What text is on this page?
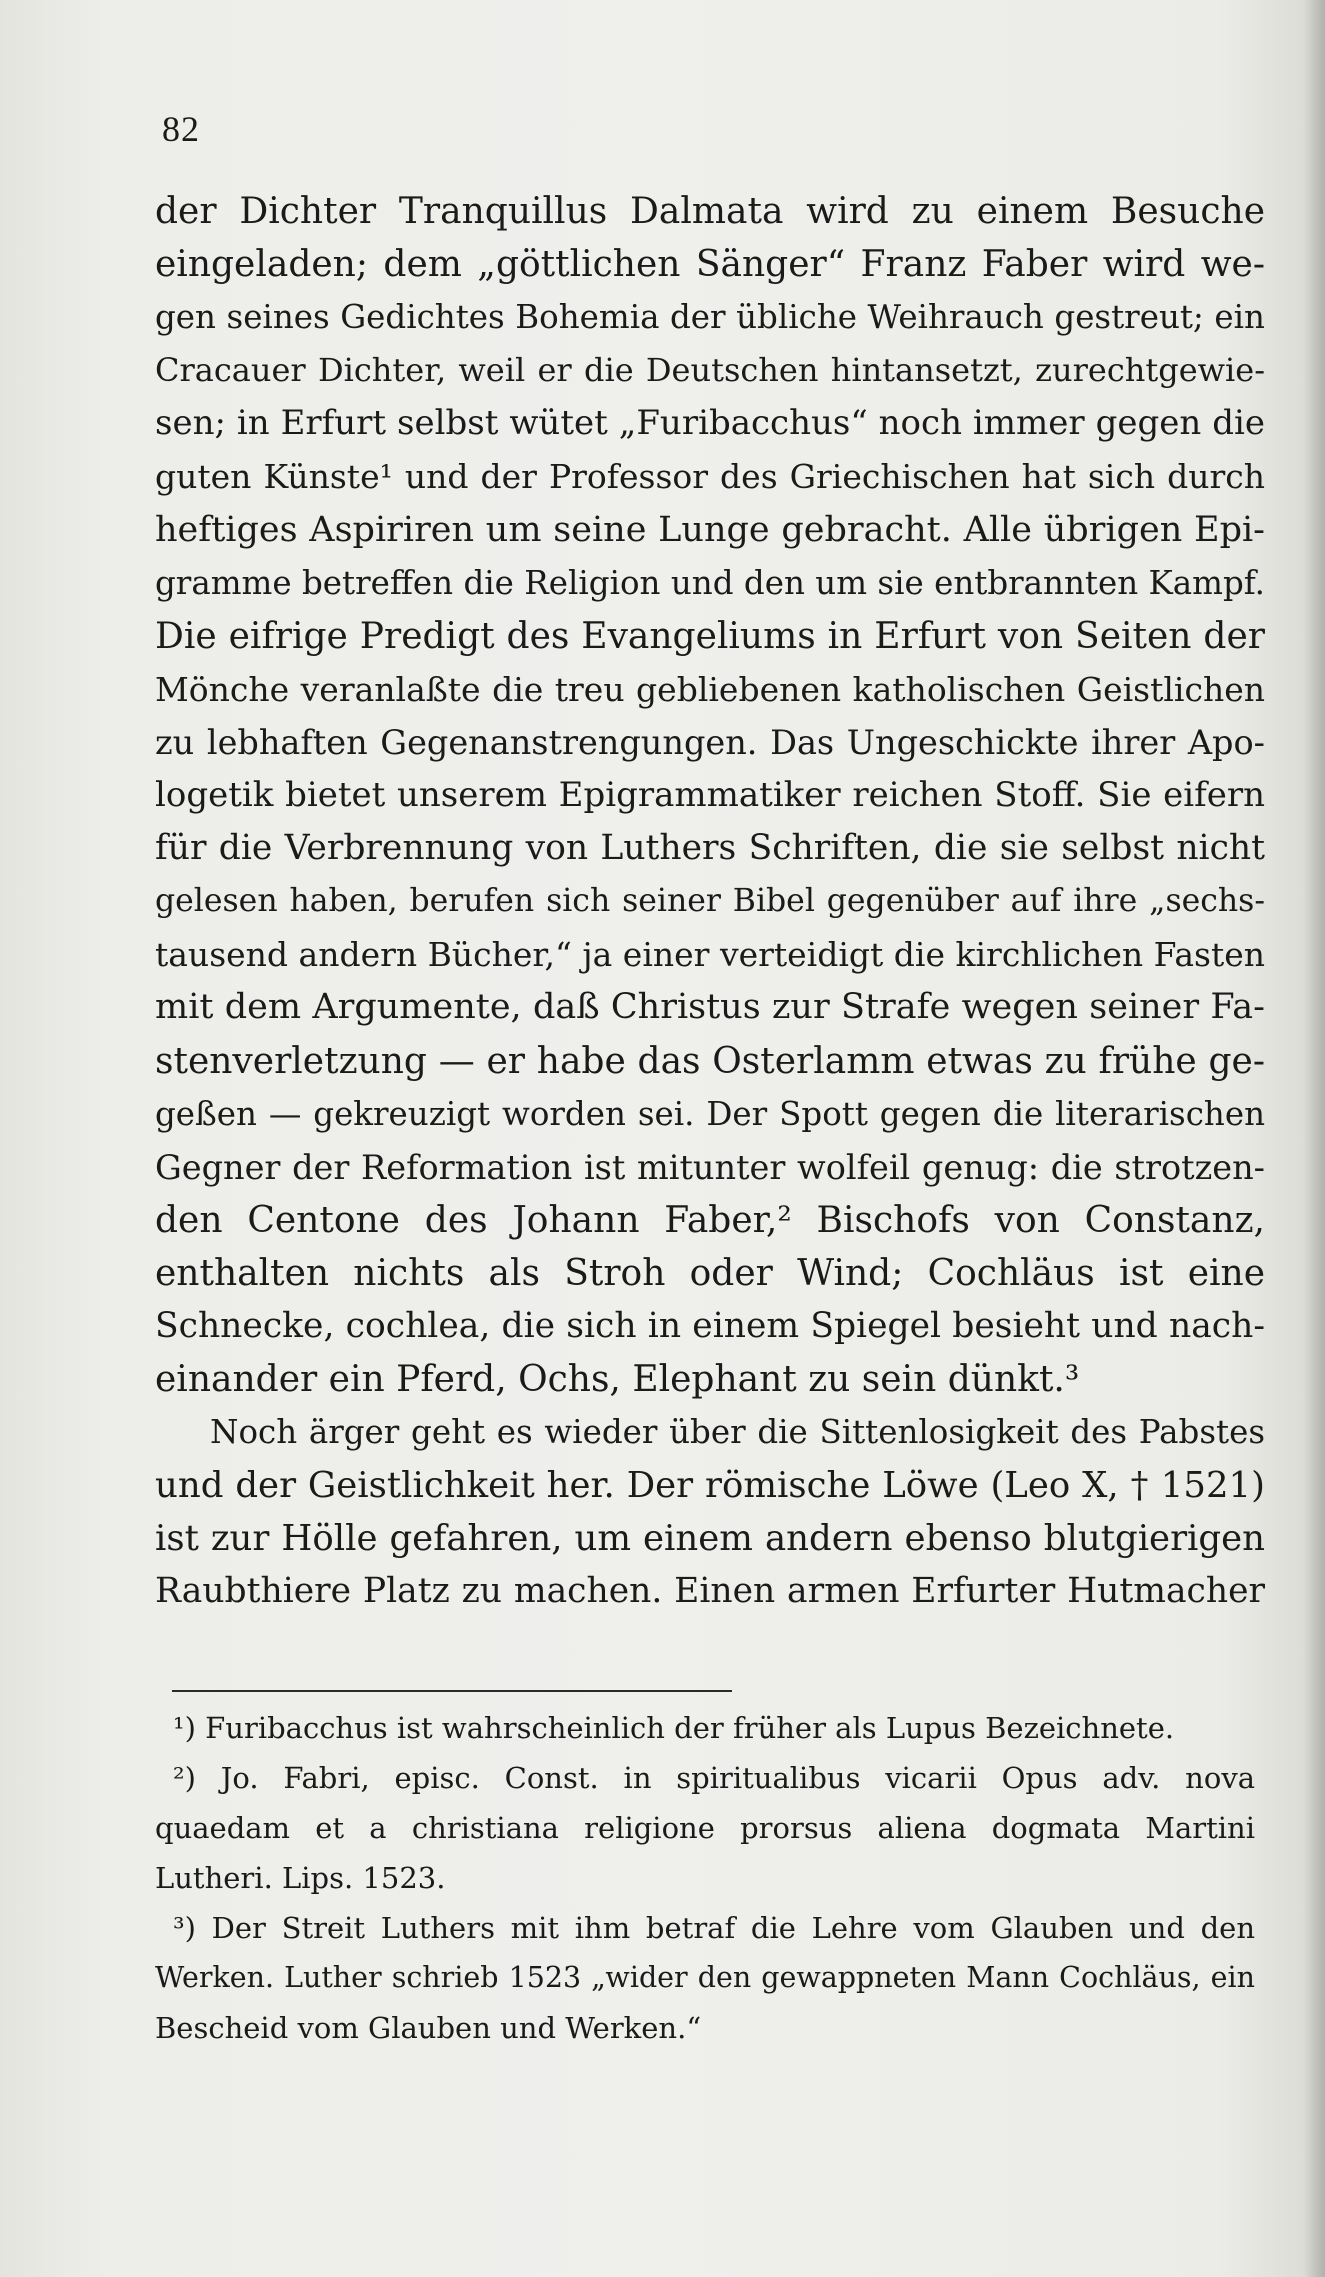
82
der Dichter Tranquillus Dalmata wird zu einem Besuche
eingeladen; dem „göttlichen Sänger“ Franz Faber wird we-
gen seines Gedichtes Bohemia der übliche Weihrauch gestreut; ein
Cracauer Dichter, weil er die Deutschen hintansetzt, zurechtgewie-
sen; in Erfurt selbst wütet „Furibacchus“ noch immer gegen die
guten Künste¹ und der Professor des Griechischen hat sich durch
heftiges Aspiriren um seine Lunge gebracht. Alle übrigen Epi-
gramme betreffen die Religion und den um sie entbrannten Kampf.
Die eifrige Predigt des Evangeliums in Erfurt von Seiten der
Mönche veranlaßte die treu gebliebenen katholischen Geistlichen
zu lebhaften Gegenanstrengungen. Das Ungeschickte ihrer Apo-
logetik bietet unserem Epigrammatiker reichen Stoff. Sie eifern
für die Verbrennung von Luthers Schriften, die sie selbst nicht
gelesen haben, berufen sich seiner Bibel gegenüber auf ihre „sechs-
tausend andern Bücher,“ ja einer verteidigt die kirchlichen Fasten
mit dem Argumente, daß Christus zur Strafe wegen seiner Fa-
stenverletzung — er habe das Osterlamm etwas zu frühe ge-
geßen — gekreuzigt worden sei. Der Spott gegen die literarischen
Gegner der Reformation ist mitunter wolfeil genug: die strotzen-
den Centone des Johann Faber,² Bischofs von Constanz,
enthalten nichts als Stroh oder Wind; Cochläus ist eine
Schnecke, cochlea, die sich in einem Spiegel besieht und nach-
einander ein Pferd, Ochs, Elephant zu sein dünkt.³
Noch ärger geht es wieder über die Sittenlosigkeit des Pabstes
und der Geistlichkeit her. Der römische Löwe (Leo X, † 1521)
ist zur Hölle gefahren, um einem andern ebenso blutgierigen
Raubthiere Platz zu machen. Einen armen Erfurter Hutmacher
¹) Furibacchus ist wahrscheinlich der früher als Lupus Bezeichnete.
²) Jo. Fabri, episc. Const. in spiritualibus vicarii Opus adv. nova
quaedam et a christiana religione prorsus aliena dogmata Martini
Lutheri. Lips. 1523.
³) Der Streit Luthers mit ihm betraf die Lehre vom Glauben und den
Werken. Luther schrieb 1523 „wider den gewappneten Mann Cochläus, ein
Bescheid vom Glauben und Werken.“
